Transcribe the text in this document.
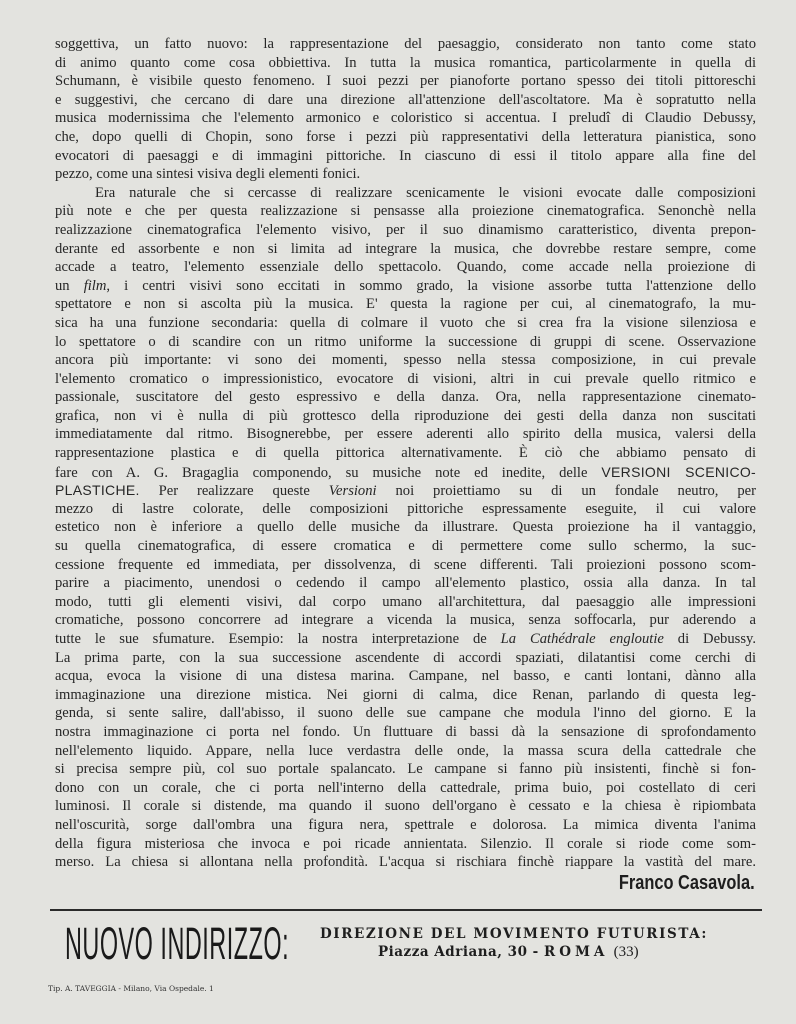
soggettiva, un fatto nuovo: la rappresentazione del paesaggio, considerato non tanto come stato
di animo quanto come cosa obbiettiva. In tutta la musica romantica, particolarmente in quella di
Schumann, è visibile questo fenomeno. I suoi pezzi per pianoforte portano spesso dei titoli pittoreschi
e suggestivi, che cercano di dare una direzione all'attenzione dell'ascoltatore. Ma è sopratutto nella
musica modernissima che l'elemento armonico e coloristico si accentua. I preludî di Claudio Debussy,
che, dopo quelli di Chopin, sono forse i pezzi più rappresentativi della letteratura pianistica, sono
evocatori di paesaggi e di immagini pittoriche. In ciascuno di essi il titolo appare alla fine del
pezzo, come una sintesi visiva degli elementi fonici.
Era naturale che si cercasse di realizzare scenicamente le visioni evocate dalle composizioni
più note e che per questa realizzazione si pensasse alla proiezione cinematografica. Senonchè nella
realizzazione cinematografica l'elemento visivo, per il suo dinamismo caratteristico, diventa prepon-
derante ed assorbente e non si limita ad integrare la musica, che dovrebbe restare sempre, come
accade a teatro, l'elemento essenziale dello spettacolo. Quando, come accade nella proiezione di
un film, i centri visivi sono eccitati in sommo grado, la visione assorbe tutta l'attenzione dello
spettatore e non si ascolta più la musica. E' questa la ragione per cui, al cinematografo, la mu-
sica ha una funzione secondaria: quella di colmare il vuoto che si crea fra la visione silenziosa e
lo spettatore o di scandire con un ritmo uniforme la successione di gruppi di scene. Osservazione
ancora più importante: vi sono dei momenti, spesso nella stessa composizione, in cui prevale
l'elemento cromatico o impressionistico, evocatore di visioni, altri in cui prevale quello ritmico e
passionale, suscitatore del gesto espressivo e della danza. Ora, nella rappresentazione cinemato-
grafica, non vi è nulla di più grottesco della riproduzione dei gesti della danza non suscitati
immediatamente dal ritmo. Bisognerebbe, per essere aderenti allo spirito della musica, valersi della
rappresentazione plastica e di quella pittorica alternativamente. È ciò che abbiamo pensato di
fare con A. G. Bragaglia componendo, su musiche note ed inedite, delle VERSIONI SCENICO-
PLASTICHE. Per realizzare queste Versioni noi proiettiamo su di un fondale neutro, per
mezzo di lastre colorate, delle composizioni pittoriche espressamente eseguite, il cui valore
estetico non è inferiore a quello delle musiche da illustrare. Questa proiezione ha il vantaggio,
su quella cinematografica, di essere cromatica e di permettere come sullo schermo, la suc-
cessione frequente ed immediata, per dissolvenza, di scene differenti. Tali proiezioni possono scom-
parire a piacimento, unendosi o cedendo il campo all'elemento plastico, ossia alla danza. In tal
modo, tutti gli elementi visivi, dal corpo umano all'architettura, dal paesaggio alle impressioni
cromatiche, possono concorrere ad integrare a vicenda la musica, senza soffocarla, pur aderendo a
tutte le sue sfumature. Esempio: la nostra interpretazione de La Cathédrale engloutie di Debussy.
La prima parte, con la sua successione ascendente di accordi spaziati, dilatantisi come cerchi di
acqua, evoca la visione di una distesa marina. Campane, nel basso, e canti lontani, dànno alla
immaginazione una direzione mistica. Nei giorni di calma, dice Renan, parlando di questa leg-
genda, si sente salire, dall'abisso, il suono delle sue campane che modula l'inno del giorno. E la
nostra immaginazione ci porta nel fondo. Un fluttuare di bassi dà la sensazione di sprofondamento
nell'elemento liquido. Appare, nella luce verdastra delle onde, la massa scura della cattedrale che
si precisa sempre più, col suo portale spalancato. Le campane si fanno più insistenti, finchè si fon-
dono con un corale, che ci porta nell'interno della cattedrale, prima buio, poi costellato di ceri
luminosi. Il corale si distende, ma quando il suono dell'organo è cessato e la chiesa è ripiombata
nell'oscurità, sorge dall'ombra una figura nera, spettrale e dolorosa. La mimica diventa l'anima
della figura misteriosa che invoca e poi ricade annientata. Silenzio. Il corale si riode come som-
merso. La chiesa si allontana nella profondità. L'acqua si rischiara finchè riappare la vastità del mare.
Franco Casavola.
NUOVO INDIRIZZO: DIREZIONE DEL MOVIMENTO FUTURISTA:
Piazza Adriana, 30 - ROMA (33)
Tip. A. TAVEGGIA - Milano, Via Ospedale. 1
